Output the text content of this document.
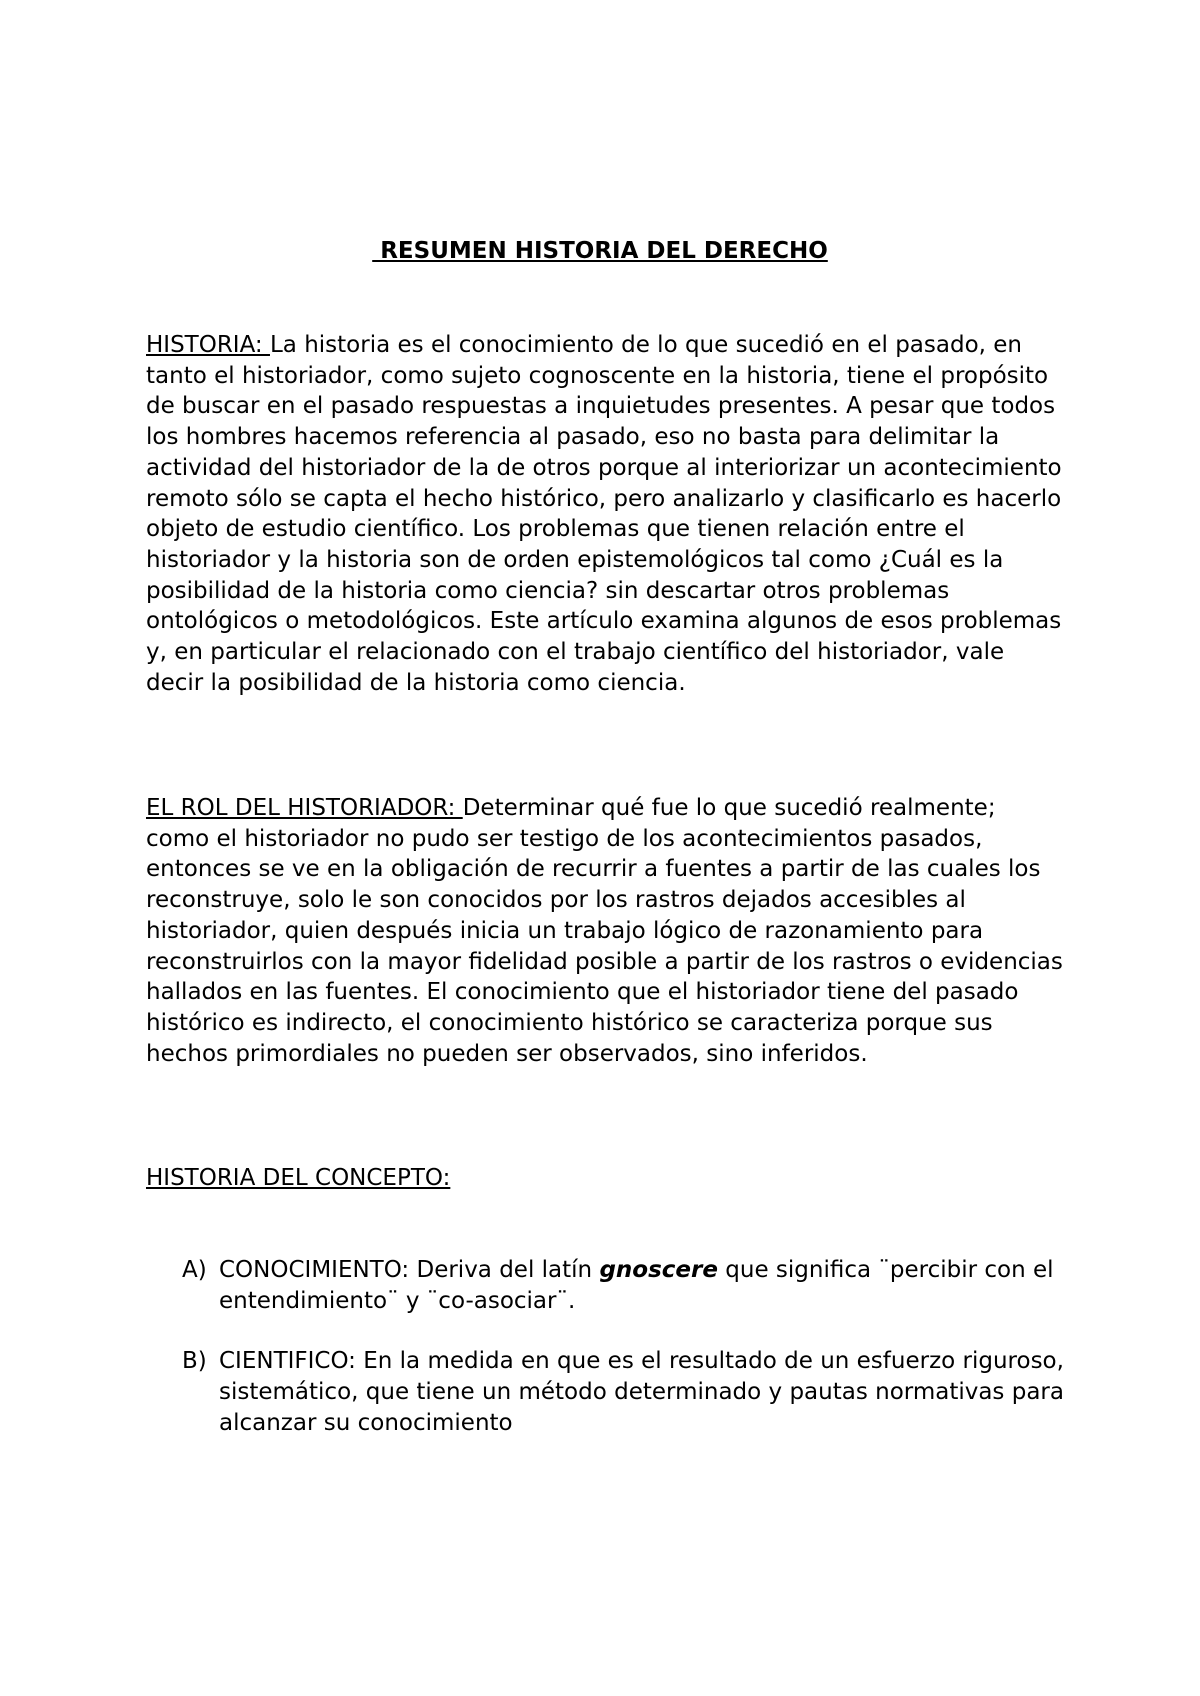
RESUMEN HISTORIA DEL DERECHO

HISTORIA: La historia es el conocimiento de lo que sucedió en el pasado, en tanto el historiador, como sujeto cognoscente en la historia, tiene el propósito de buscar en el pasado respuestas a inquietudes presentes. A pesar que todos los hombres hacemos referencia al pasado, eso no basta para delimitar la actividad del historiador de la de otros porque al interiorizar un acontecimiento remoto sólo se capta el hecho histórico, pero analizarlo y clasificarlo es hacerlo objeto de estudio científico. Los problemas que tienen relación entre el historiador y la historia son de orden epistemológicos tal como ¿Cuál es la posibilidad de la historia como ciencia? sin descartar otros problemas ontológicos o metodológicos. Este artículo examina algunos de esos problemas y, en particular el relacionado con el trabajo científico del historiador, vale decir la posibilidad de la historia como ciencia.

EL ROL DEL HISTORIADOR: Determinar qué fue lo que sucedió realmente; como el historiador no pudo ser testigo de los acontecimientos pasados, entonces se ve en la obligación de recurrir a fuentes a partir de las cuales los reconstruye, solo le son conocidos por los rastros dejados accesibles al historiador, quien después inicia un trabajo lógico de razonamiento para reconstruirlos con la mayor fidelidad posible a partir de los rastros o evidencias hallados en las fuentes. El conocimiento que el historiador tiene del pasado histórico es indirecto, el conocimiento histórico se caracteriza porque sus hechos primordiales no pueden ser observados, sino inferidos.

HISTORIA DEL CONCEPTO:

A) CONOCIMIENTO: Deriva del latín gnoscere que significa ¨percibir con el entendimiento¨ y ¨co-asociar¨.

B) CIENTIFICO: En la medida en que es el resultado de un esfuerzo riguroso, sistemático, que tiene un método determinado y pautas normativas para alcanzar su conocimiento
